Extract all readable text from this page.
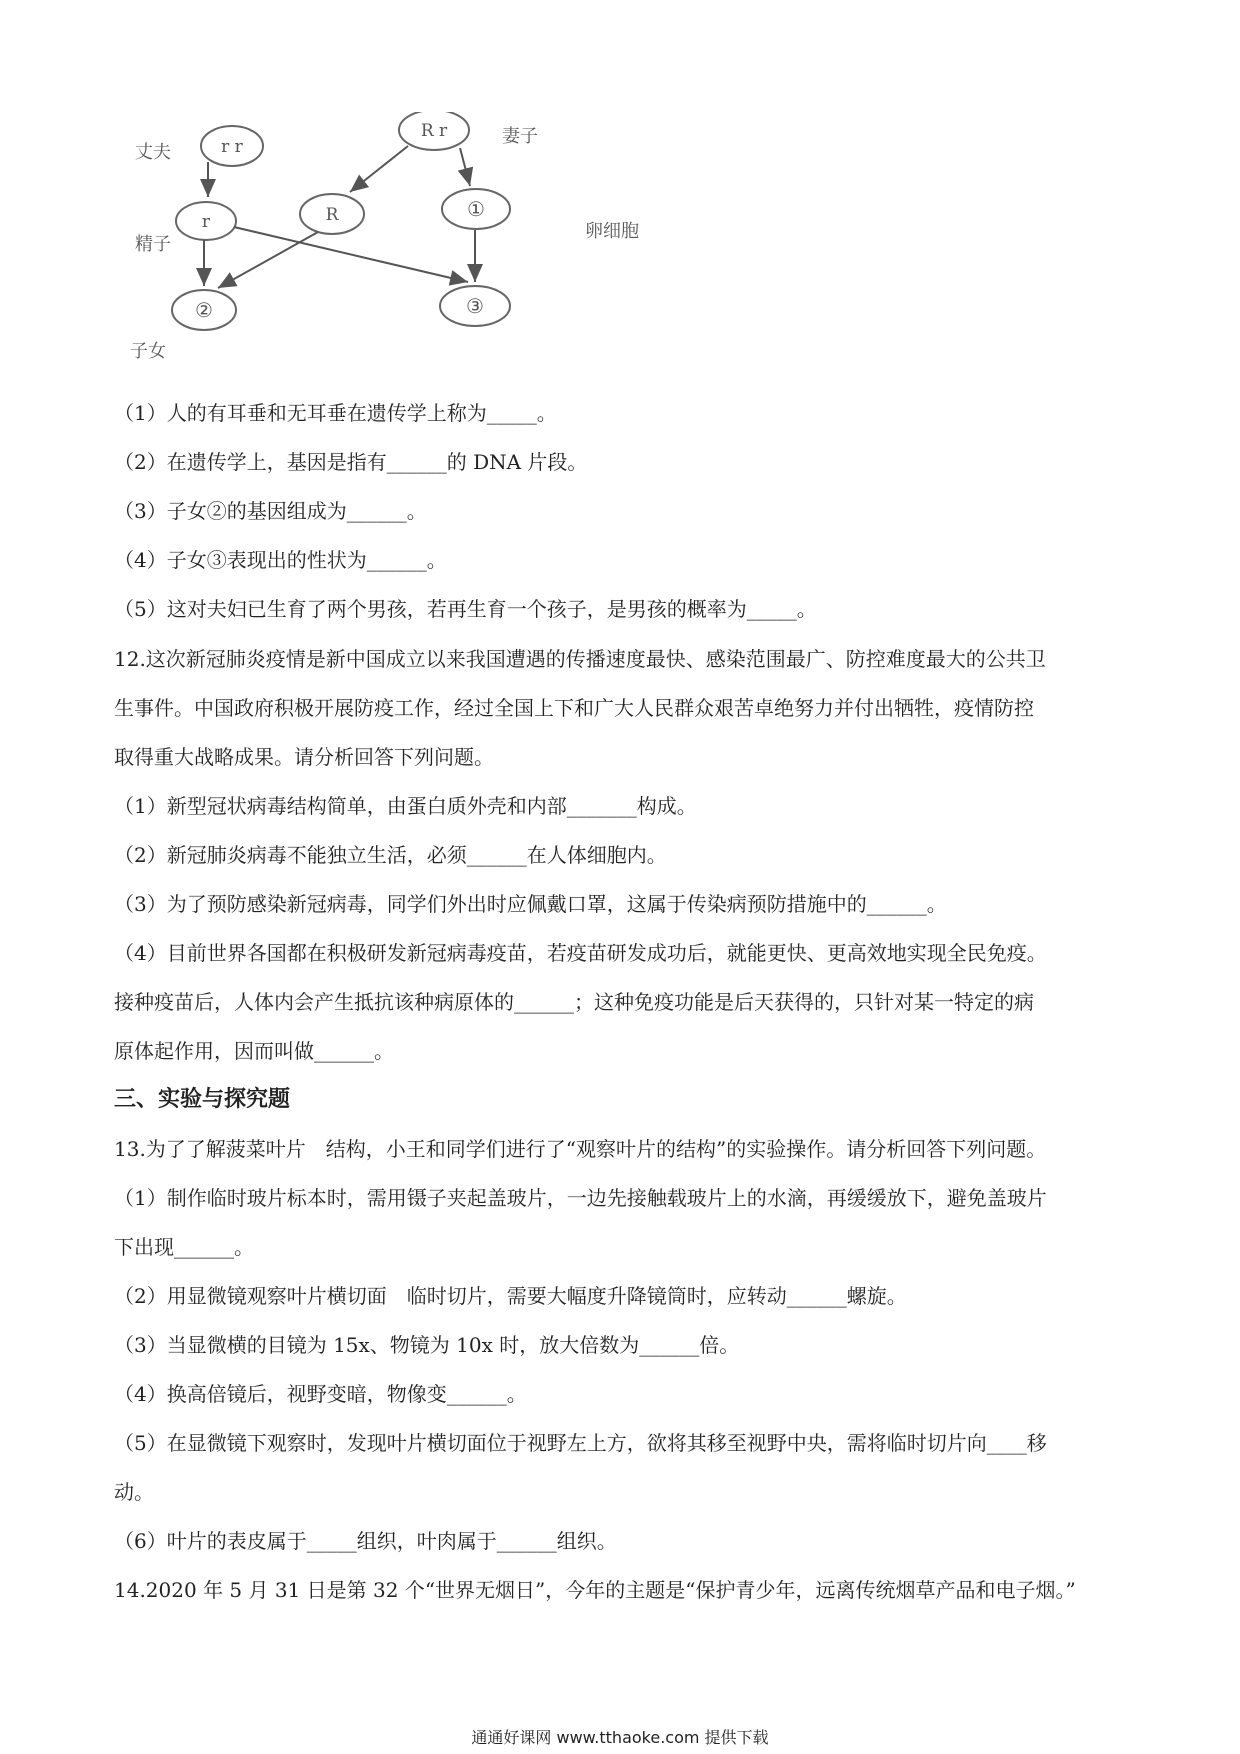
丈夫
精子
子女
妻子
卵细胞
r r
R r
r	R	①
②	③
（1）人的有耳垂和无耳垂在遗传学上称为_____。
（2）在遗传学上，基因是指有______的 DNA 片段。
（3）子女②的基因组成为______。
（4）子女③表现出的性状为______。
（5）这对夫妇已生育了两个男孩，若再生育一个孩子，是男孩的概率为_____。
12.这次新冠肺炎疫情是新中国成立以来我国遭遇的传播速度最快、感染范围最广、防控难度最大的公共卫
生事件。中国政府积极开展防疫工作，经过全国上下和广大人民群众艰苦卓绝努力并付出牺牲，疫情防控
取得重大战略成果。请分析回答下列问题。
（1）新型冠状病毒结构简单，由蛋白质外壳和内部_______构成。
（2）新冠肺炎病毒不能独立生活，必须______在人体细胞内。
（3）为了预防感染新冠病毒，同学们外出时应佩戴口罩，这属于传染病预防措施中的______。
（4）目前世界各国都在积极研发新冠病毒疫苗，若疫苗研发成功后，就能更快、更高效地实现全民免疫。
接种疫苗后，人体内会产生抵抗该种病原体的______；这种免疫功能是后天获得的，只针对某一特定的病
原体起作用，因而叫做______。
三、实验与探究题
13.为了了解菠菜叶片　结构，小王和同学们进行了“观察叶片的结构”的实验操作。请分析回答下列问题。
（1）制作临时玻片标本时，需用镊子夹起盖玻片，一边先接触载玻片上的水滴，再缓缓放下，避免盖玻片
下出现______。
（2）用显微镜观察叶片横切面　临时切片，需要大幅度升降镜筒时，应转动______螺旋。
（3）当显微横的目镜为 15x、物镜为 10x 时，放大倍数为______倍。
（4）换高倍镜后，视野变暗，物像变______。
（5）在显微镜下观察时，发现叶片横切面位于视野左上方，欲将其移至视野中央，需将临时切片向____移
动。
（6）叶片的表皮属于_____组织，叶肉属于______组织。
14.2020 年 5 月 31 日是第 32 个“世界无烟日”，今年的主题是“保护青少年，远离传统烟草产品和电子烟。”
通通好课网 www.tthaoke.com 提供下载
